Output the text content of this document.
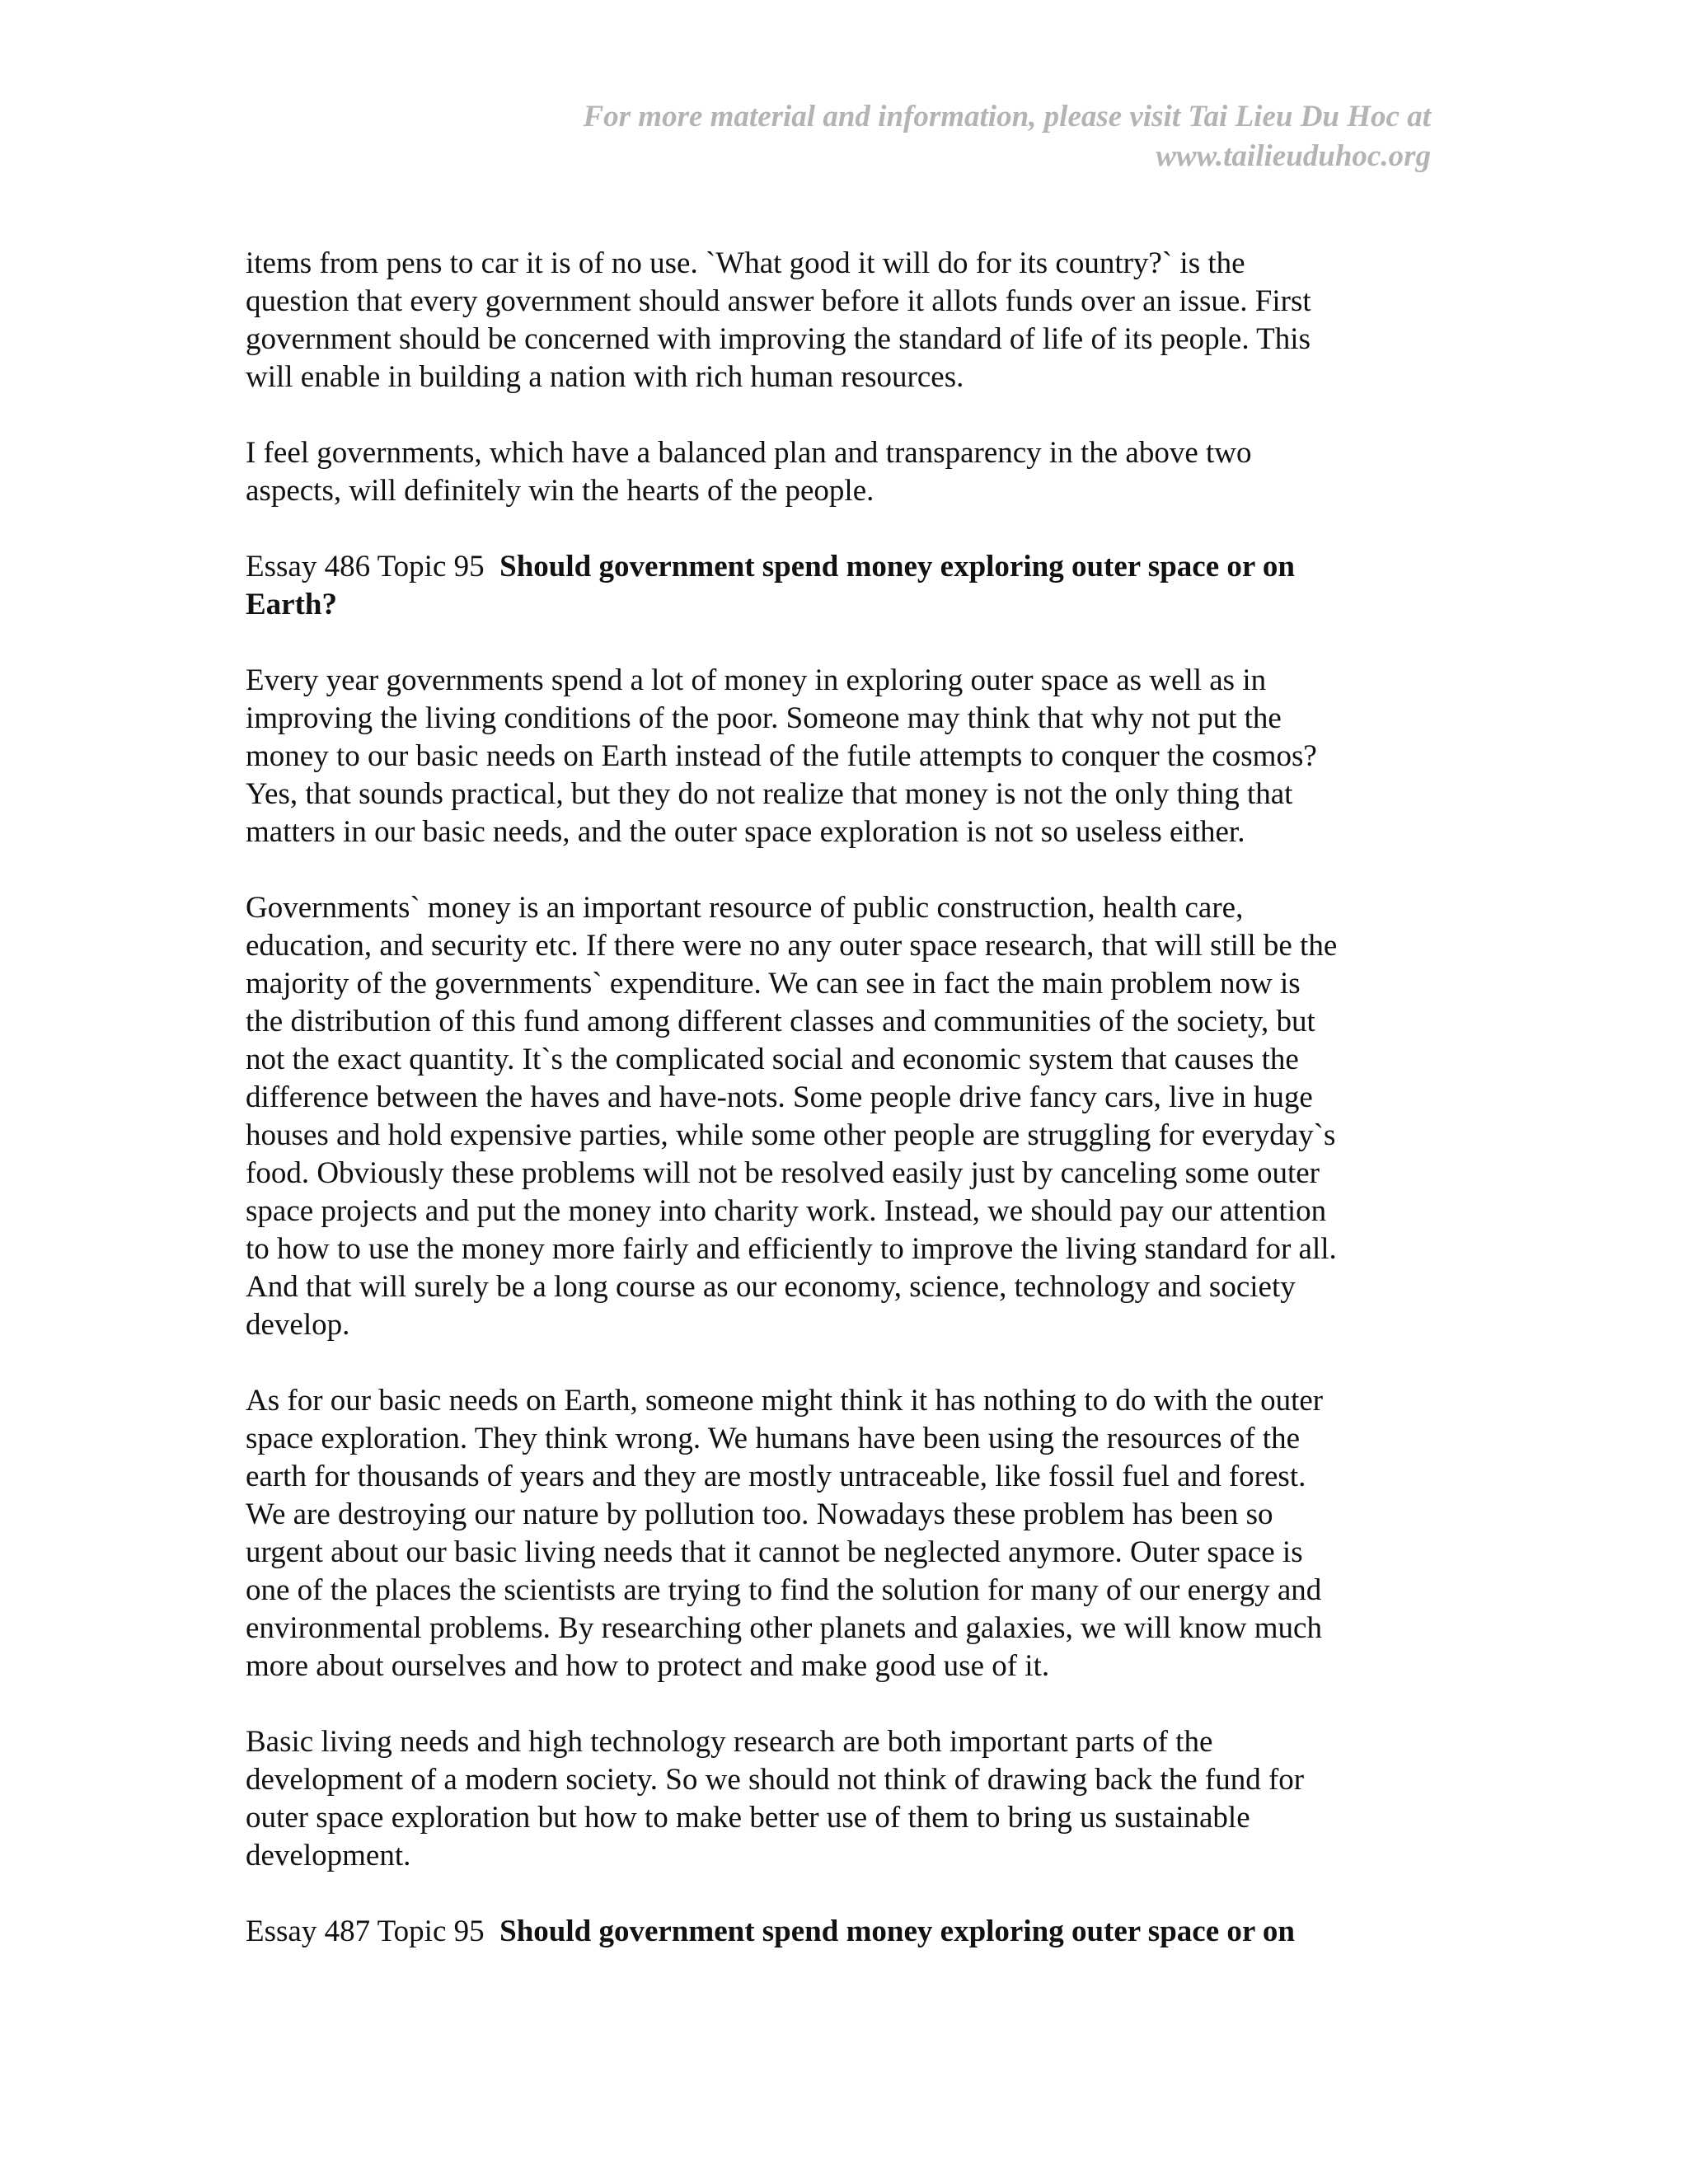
For more material and information, please visit Tai Lieu Du Hoc at
www.tailieuduhoc.org

items from pens to car it is of no use. `What good it will do for its country?` is the
question that every government should answer before it allots funds over an issue. First
government should be concerned with improving the standard of life of its people. This
will enable in building a nation with rich human resources.

I feel governments, which have a balanced plan and transparency in the above two
aspects, will definitely win the hearts of the people.

Essay 486 Topic 95 Should government spend money exploring outer space or on
Earth?

Every year governments spend a lot of money in exploring outer space as well as in
improving the living conditions of the poor. Someone may think that why not put the
money to our basic needs on Earth instead of the futile attempts to conquer the cosmos?
Yes, that sounds practical, but they do not realize that money is not the only thing that
matters in our basic needs, and the outer space exploration is not so useless either.

Governments` money is an important resource of public construction, health care,
education, and security etc. If there were no any outer space research, that will still be the
majority of the governments` expenditure. We can see in fact the main problem now is
the distribution of this fund among different classes and communities of the society, but
not the exact quantity. It`s the complicated social and economic system that causes the
difference between the haves and have-nots. Some people drive fancy cars, live in huge
houses and hold expensive parties, while some other people are struggling for everyday`s
food. Obviously these problems will not be resolved easily just by canceling some outer
space projects and put the money into charity work. Instead, we should pay our attention
to how to use the money more fairly and efficiently to improve the living standard for all.
And that will surely be a long course as our economy, science, technology and society
develop.

As for our basic needs on Earth, someone might think it has nothing to do with the outer
space exploration. They think wrong. We humans have been using the resources of the
earth for thousands of years and they are mostly untraceable, like fossil fuel and forest.
We are destroying our nature by pollution too. Nowadays these problem has been so
urgent about our basic living needs that it cannot be neglected anymore. Outer space is
one of the places the scientists are trying to find the solution for many of our energy and
environmental problems. By researching other planets and galaxies, we will know much
more about ourselves and how to protect and make good use of it.

Basic living needs and high technology research are both important parts of the
development of a modern society. So we should not think of drawing back the fund for
outer space exploration but how to make better use of them to bring us sustainable
development.

Essay 487 Topic 95 Should government spend money exploring outer space or on
